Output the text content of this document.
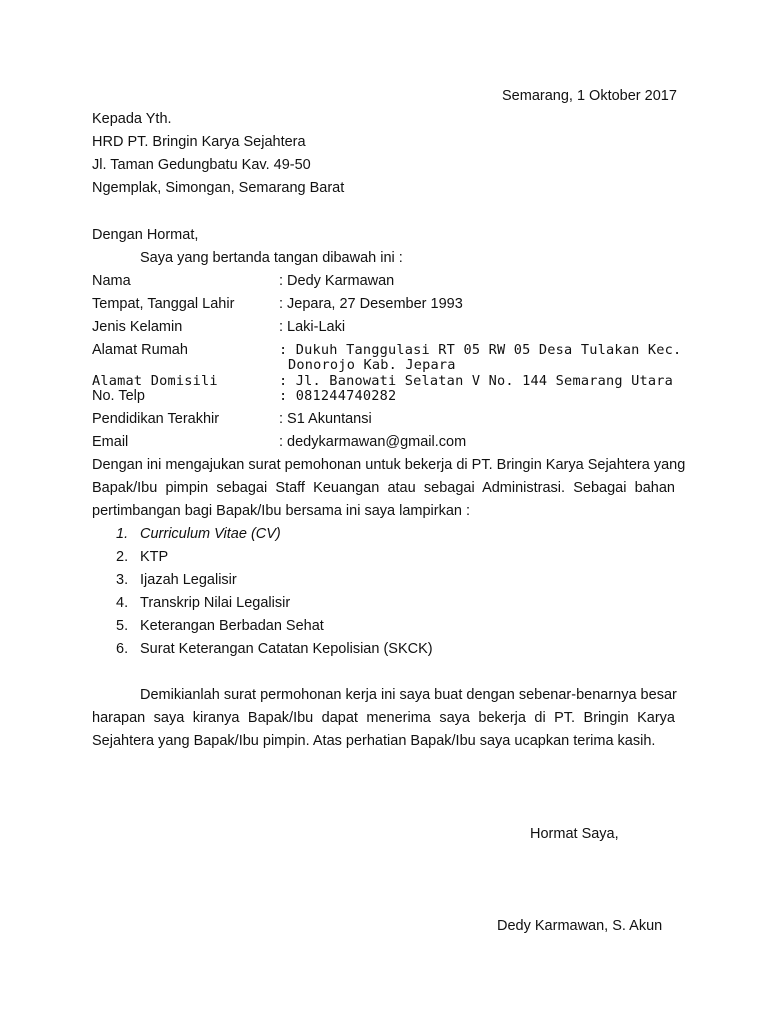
Semarang, 1 Oktober 2017
Kepada Yth.
HRD PT. Bringin Karya Sejahtera
Jl. Taman Gedungbatu Kav. 49-50
Ngemplak, Simongan, Semarang Barat
Dengan Hormat,
Saya yang bertanda tangan dibawah ini :
Nama	: Dedy Karmawan
Tempat, Tanggal Lahir	: Jepara, 27 Desember 1993
Jenis Kelamin	: Laki-Laki
Alamat Rumah	: Dukuh Tanggulasi RT 05 RW 05 Desa Tulakan Kec.
Donorojo Kab. Jepara
Alamat Domisili	: Jl. Banowati Selatan V No. 144 Semarang Utara
No. Telp	: 081244740282
Pendidikan Terakhir	: S1 Akuntansi
Email	: dedykarmawan@gmail.com
Dengan ini mengajukan surat pemohonan untuk bekerja di PT. Bringin Karya Sejahtera yang
Bapak/Ibu pimpin sebagai Staff Keuangan atau sebagai Administrasi. Sebagai bahan
pertimbangan bagi Bapak/Ibu bersama ini saya lampirkan :
1. Curriculum Vitae (CV)
2. KTP
3. Ijazah Legalisir
4. Transkrip Nilai Legalisir
5. Keterangan Berbadan Sehat
6. Surat Keterangan Catatan Kepolisian (SKCK)
Demikianlah surat permohonan kerja ini saya buat dengan sebenar-benarnya besar
harapan saya kiranya Bapak/Ibu dapat menerima saya bekerja di PT. Bringin Karya
Sejahtera yang Bapak/Ibu pimpin. Atas perhatian Bapak/Ibu saya ucapkan terima kasih.
Hormat Saya,
Dedy Karmawan, S. Akun
